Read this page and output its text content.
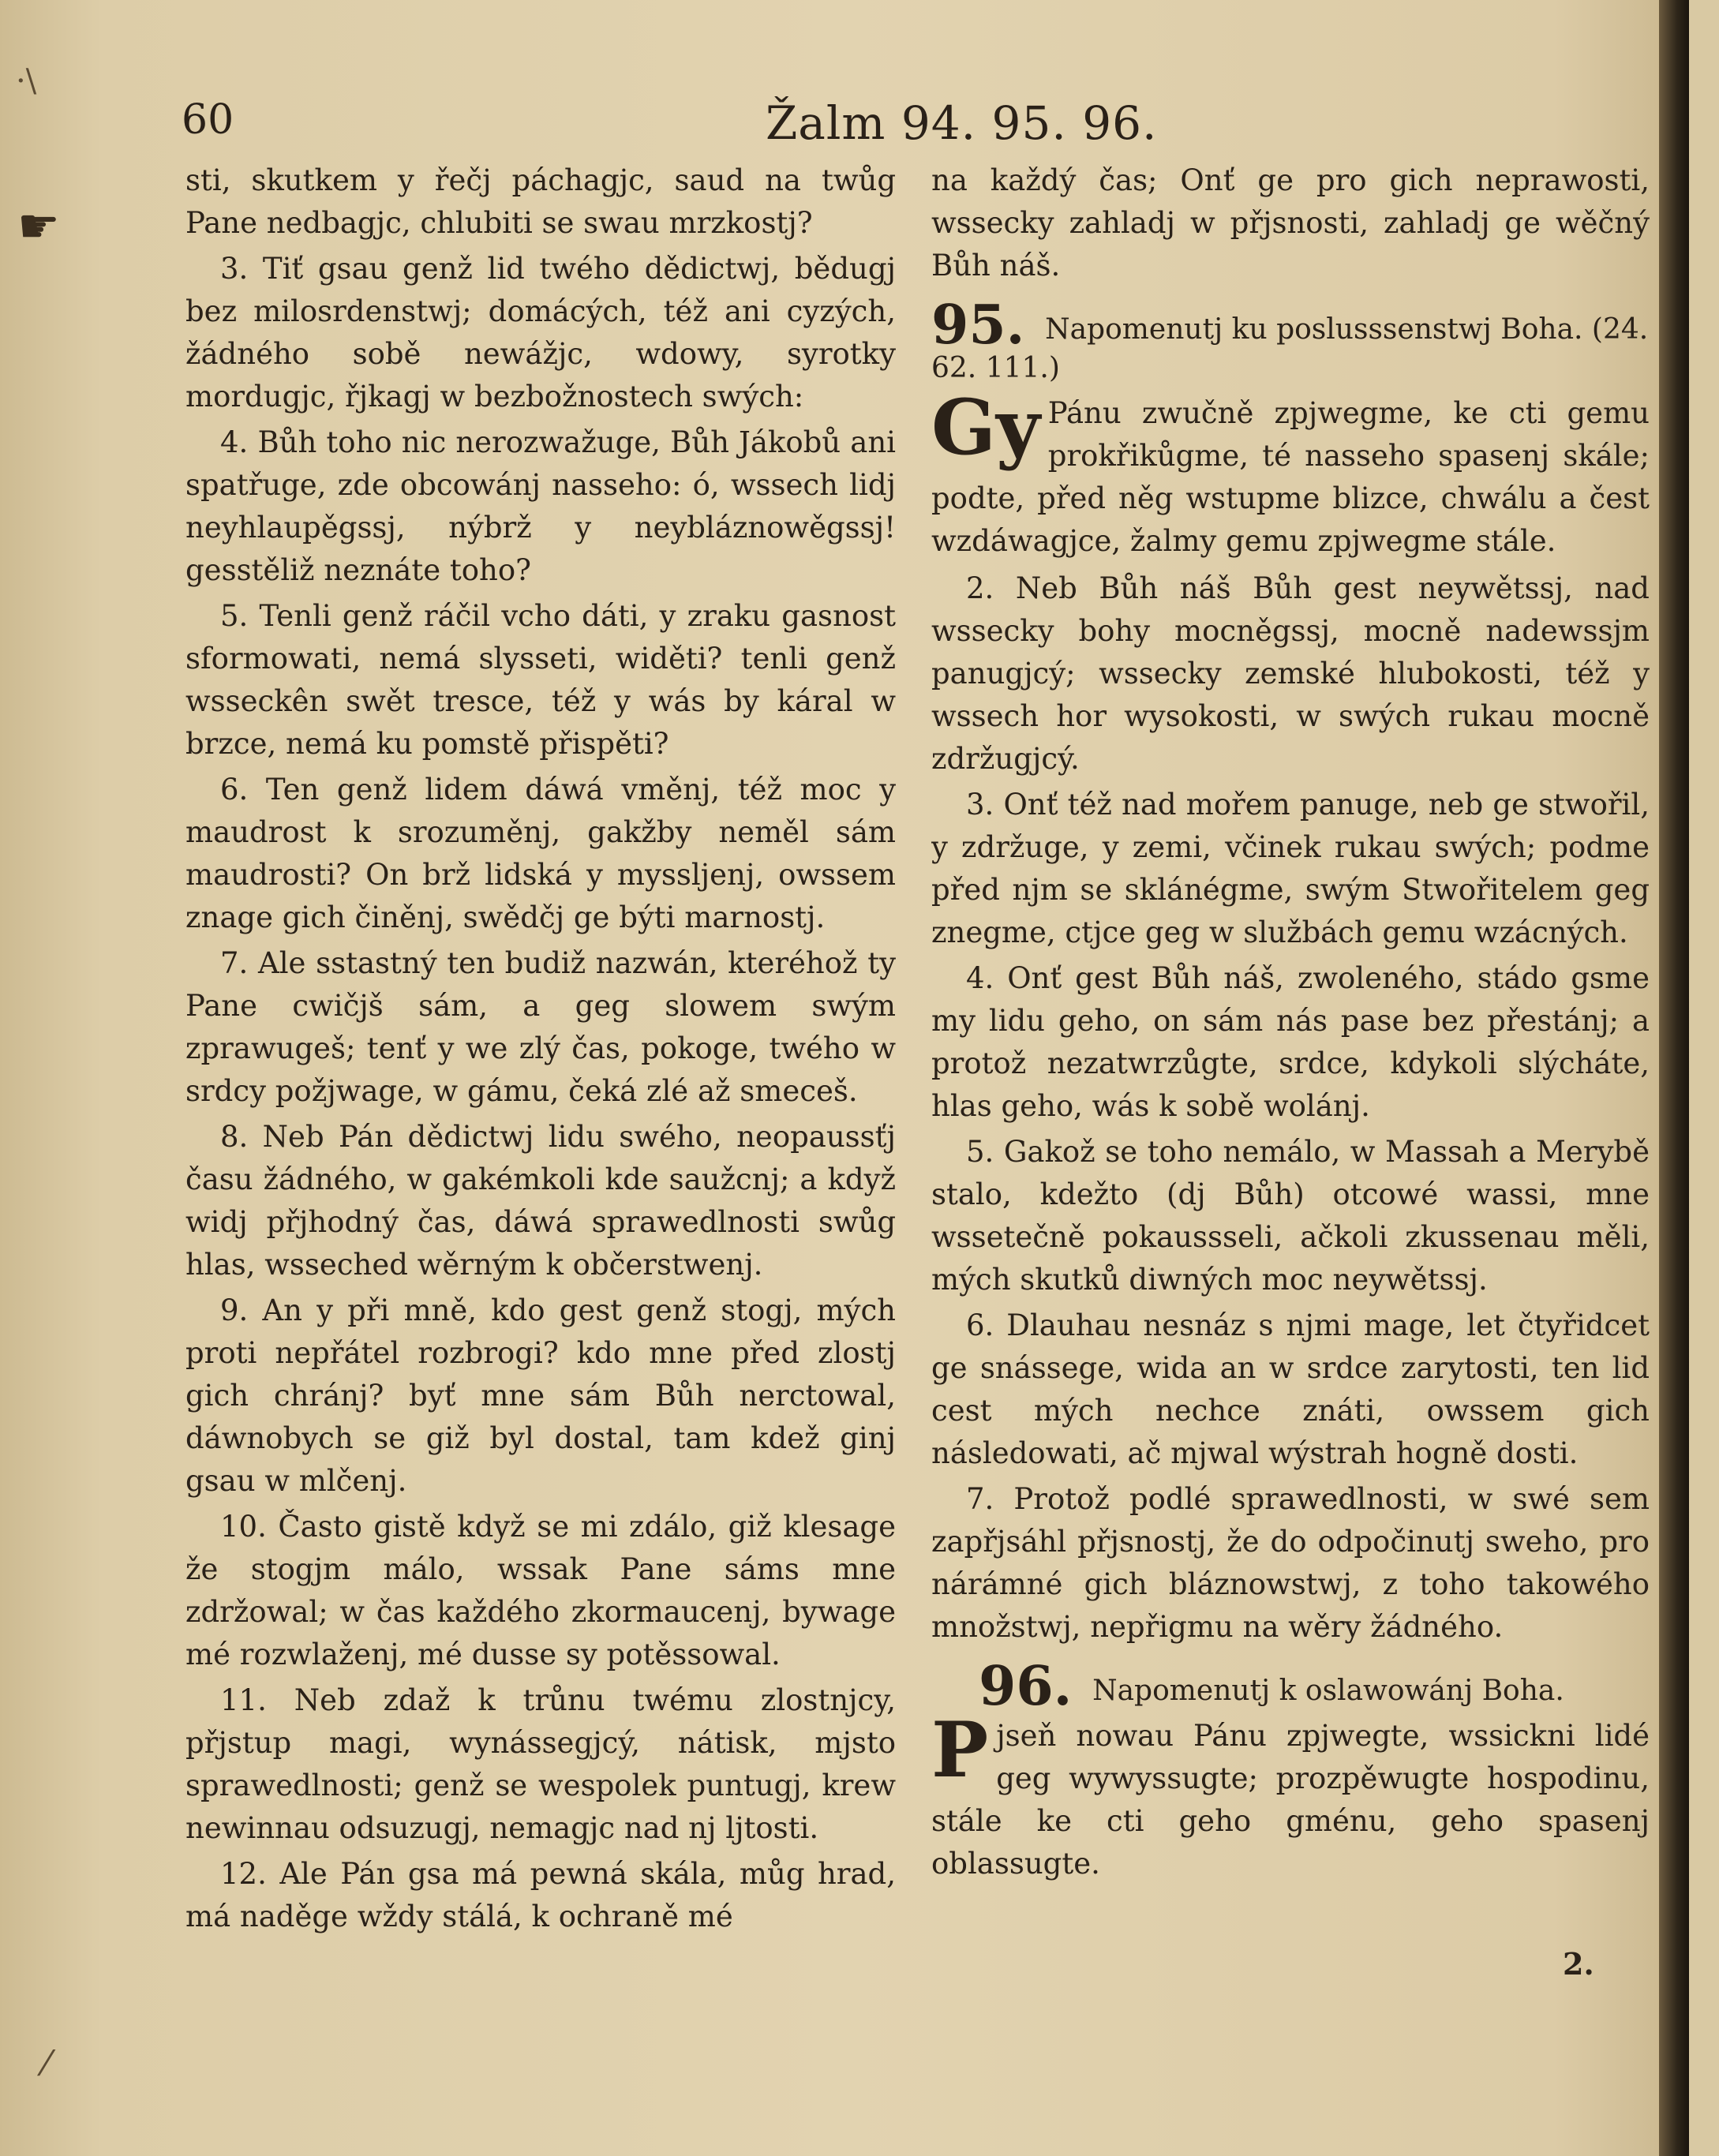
·\
☛
⁄
60	Žalm 94. 95. 96.

sti, skutkem y řečj páchagjc, saud na twůg Pane nedbagjc, chlubiti se swau mrzkostj?

3. Tiť gsau genž lid twého dědictwj, bědugj bez milosrdenstwj; domácých, též ani cyzých, žádného sobě newážjc, wdowy, syrotky mordugjc, řjkagj w bezbožnostech swých:

4. Bůh toho nic nerozwažuge, Bůh Jákobů ani spatřuge, zde obcowánj nasseho: ó, wssech lidj neyhlaupěgssj, nýbrž y neybláznowěgssj! gesstěliž neznáte toho?

5. Tenli genž ráčil vcho dáti, y zraku gasnost sformowati, nemá slysseti, widěti? tenli genž wsseckên swět tresce, též y wás by káral w brzce, nemá ku pomstě přispěti?

6. Ten genž lidem dáwá vměnj, též moc y maudrost k srozuměnj, gakžby neměl sám maudrosti? On brž lidská y myssljenj, owssem znage gich činěnj, swědčj ge býti marnostj.

7. Ale sstastný ten budiž nazwán, kteréhož ty Pane cwičjš sám, a geg slowem swým zprawugeš; tenť y we zlý čas, pokoge, twého w srdcy požjwage, w gámu, čeká zlé až smeceš.

8. Neb Pán dědictwj lidu swého, neopaussťj času žádného, w gakémkoli kde saužcnj; a když widj přjhodný čas, dáwá sprawedlnosti swůg hlas, wsseched wěrným k občerstwenj.

9. An y při mně, kdo gest genž stogj, mých proti nepřátel rozbrogi? kdo mne před zlostj gich chránj? byť mne sám Bůh nerctowal, dáwnobych se giž byl dostal, tam kdež ginj gsau w mlčenj.

10. Často gistě když se mi zdálo, giž klesage že stogjm málo, wssak Pane sáms mne zdržowal; w čas každého zkormaucenj, bywage mé rozwlaženj, mé dusse sy potěssowal.

11. Neb zdaž k trůnu twému zlostnjcy, přjstup magi, wynássegjcý, nátisk, mjsto sprawedlnosti; genž se wespolek puntugj, krew newinnau odsuzugj, nemagjc nad nj ljtosti.

12. Ale Pán gsa má pewná skála, můg hrad, má naděge wždy stálá, k ochraně mé

na každý čas; Onť ge pro gich neprawosti, wsseсky zahladj w přjsnosti, zahladj ge wěčný Bůh náš.

95. Napomenutj ku poslusssenstwj Boha. (24. 62. 111.)

Gy Pánu zwučně zpjwegme, ke cti gemu prokřikůgme, té nasseho spasenj skále; podte, před něg wstupme blizce, chwálu a čest wzdáwagjce, žalmy gemu zpjwegme stále.

2. Neb Bůh náš Bůh gest neywětssj, nad wssecky bohy mocněgssj, mocně nadewssjm panugjcý; wssecky zemské hlubokosti, též y wssech hor wysokosti, w swých rukau mocně zdržugjcý.

3. Onť též nad mořem panuge, neb ge stwořil, y zdržuge, y zemi, včinek rukau swých; podme před njm se sklánégme, swým Stwořitelem geg znegme, ctjce geg w službách gemu wzácných.

4. Onť gest Bůh náš, zwoleného, stádo gsme my lidu geho, on sám nás pase bez přestánj; a protož nezatwrzůgte, srdce, kdykoli slýcháte, hlas geho, wás k sobě wolánj.

5. Gakož se toho nemálo, w Massah a Merybě stalo, kdežto (dj Bůh) otcowé wassi, mne wssetečně pokaussseli, ačkoli zkussenau měli, mých skutků diwných moc neywětssj.

6. Dlauhau nesnáz s njmi mage, let čtyřidcet ge snássege, wida an w srdce zarytosti, ten lid cest mých nechce znáti, owssem gich následowati, ač mjwal wýstrah hogně dosti.

7. Protož podlé sprawedlnosti, w swé sem zapřjsáhl přjsnostj, že do odpočinutj sweho, pro nárámné gich bláznowstwj, z toho takowého množstwj, nepřigmu na wěry žádného.

96. Napomenutj k oslawowánj Boha.

Pjseň nowau Pánu zpjwegte, wssickni lidé geg wywyssugte; prozpěwugte hospodinu, stále ke cti geho gménu, geho spasenj oblassugte.

2.
